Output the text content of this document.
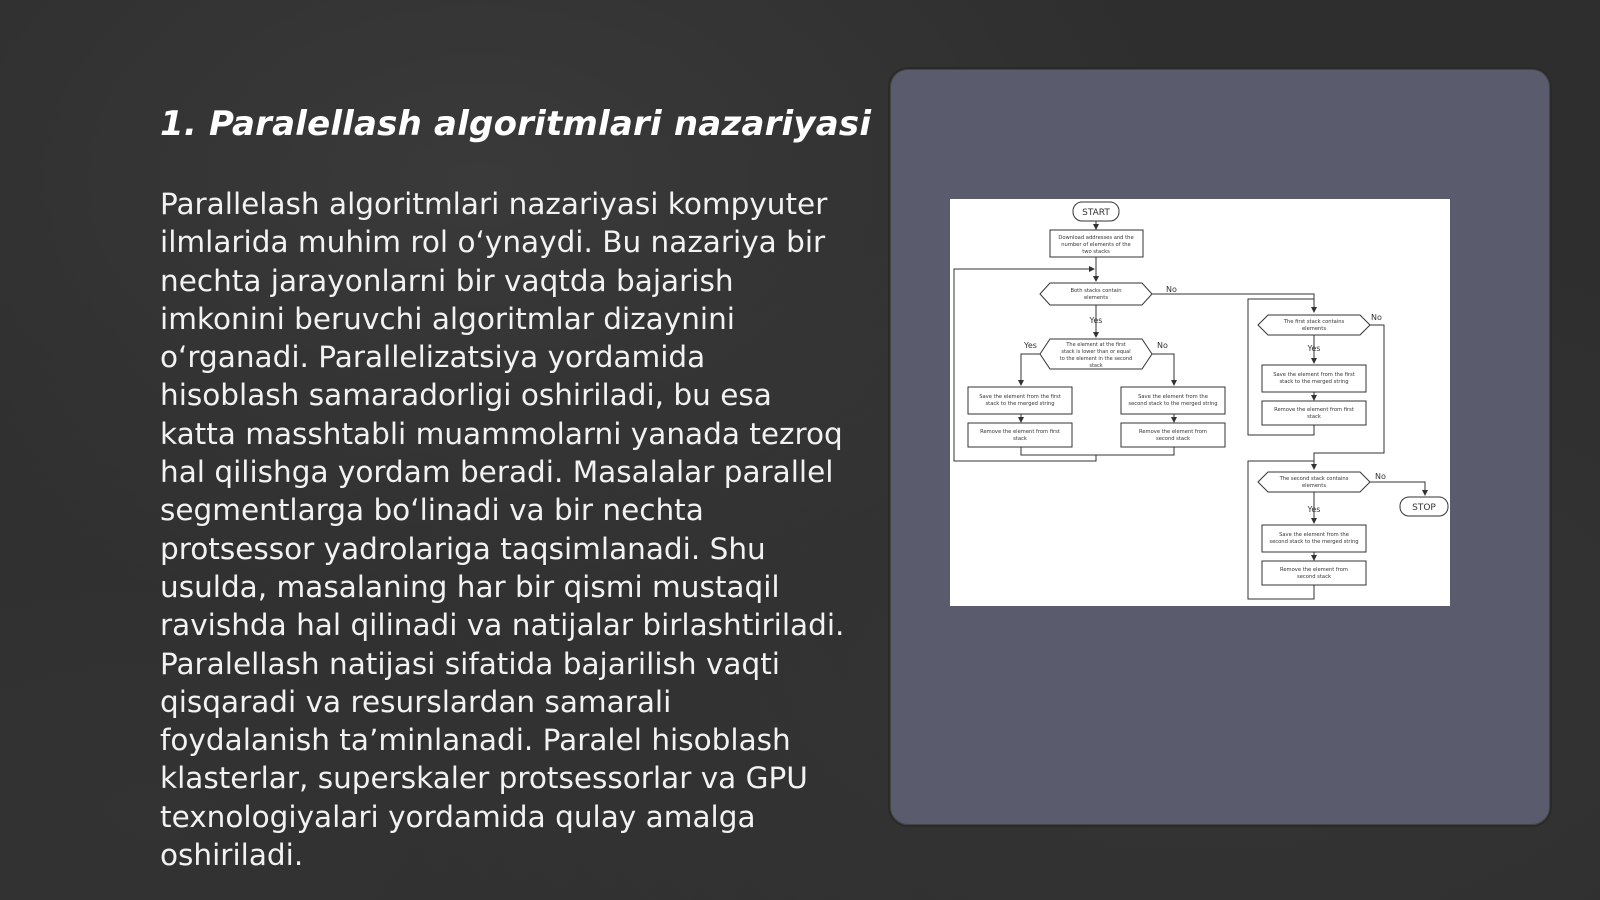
1. Paralellash algoritmlari nazariyasi

Parallelash algoritmlari nazariyasi kompyuter ilmlarida muhim rol o‘ynaydi. Bu nazariya bir nechta jarayonlarni bir vaqtda bajarish imkonini beruvchi algoritmlar dizaynini o‘rganadi. Parallelizatsiya yordamida hisoblash samaradorligi oshiriladi, bu esa katta masshtabli muammolarni yanada tezroq hal qilishga yordam beradi. Masalalar parallel segmentlarga bo‘linadi va bir nechta protsessor yadrolariga taqsimlanadi. Shu usulda, masalaning har bir qismi mustaqil ravishda hal qilinadi va natijalar birlashtiriladi. Paralellash natijasi sifatida bajarilish vaqti qisqaradi va resurslardan samarali foydalanish ta’minlanadi. Paralel hisoblash klasterlar, superskaler protsessorlar va GPU texnologiyalari yordamida qulay amalga oshiriladi.

START
Download addresses and the
number of elements of the
two stacks
Both stacks contain
elements
The element at the first
stack is lower than or equal
to the element in the second
stack
Save the element from the first
stack to the merged string
Remove the element from first
stack
Save the element from the
second stack to the merged string
Remove the element from
second stack
The first stack contains
elements
Save the element from the first
stack to the merged string
Remove the element from first
stack
The second stack contains
elements
STOP
Save the element from the
second stack to the merged string
Remove the element from
second stack
Yes
No
Yes	No	Yes
No
Yes
No
